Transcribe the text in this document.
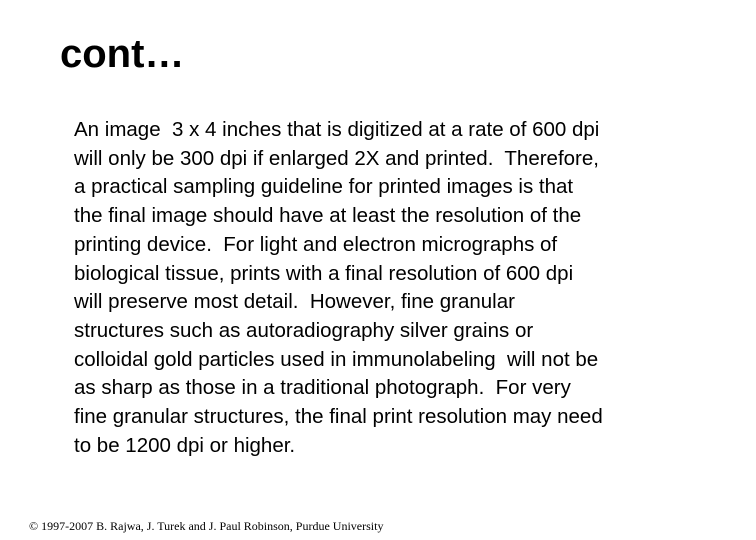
cont…
An image  3 x 4 inches that is digitized at a rate of 600 dpi
will only be 300 dpi if enlarged 2X and printed.  Therefore,
a practical sampling guideline for printed images is that
the final image should have at least the resolution of the
printing device.  For light and electron micrographs of
biological tissue, prints with a final resolution of 600 dpi
will preserve most detail.  However, fine granular
structures such as autoradiography silver grains or
colloidal gold particles used in immunolabeling  will not be
as sharp as those in a traditional photograph.  For very
fine granular structures, the final print resolution may need
to be 1200 dpi or higher.

© 1997-2007 B. Rajwa, J. Turek and J. Paul Robinson, Purdue University
